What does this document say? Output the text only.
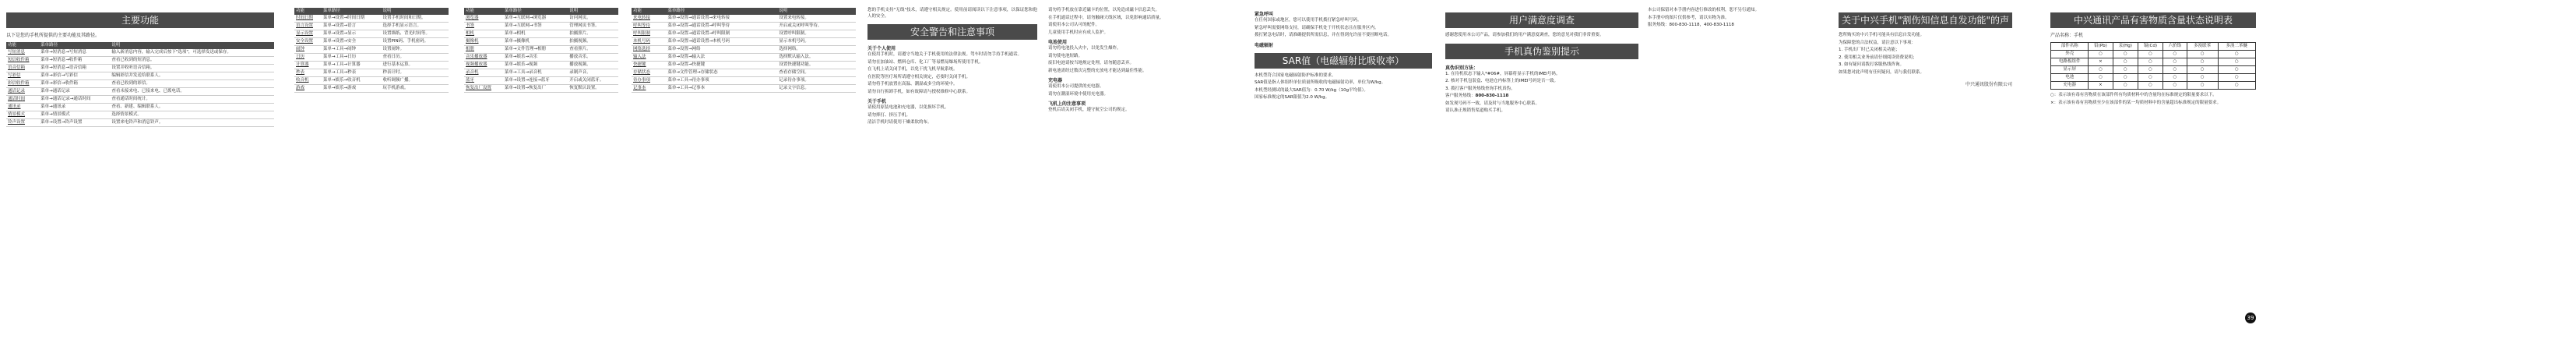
主要功能
以下是您的手机所提供的主要功能及其路径。
功能	菜单路径	说明
写短消息	菜单→短消息→写短消息	输入新消息内容，输入完成后按下"选项"，可选择发送或保存。
短信收件箱	菜单→短消息→收件箱	查看已收到的短消息。
语音信箱	菜单→短消息→语音信箱	设置并收听语音信箱。
写彩信	菜单→彩信→写彩信	编辑彩信并发送给联系人。
彩信收件箱	菜单→彩信→收件箱	查看已收到的彩信。
通话记录	菜单→通话记录	查看未接来电、已接来电、已拨电话。
通话时间	菜单→通话记录→通话时间	查看通话时间统计。
通讯录	菜单→通讯录	查看、新建、编辑联系人。
情景模式	菜单→情景模式	选择情景模式。
铃声设置	菜单→设置→铃声设置	设置来电铃声和消息铃声。
功能	菜单路径	说明
时间日期	菜单→设置→时间日期	设置手机时间和日期。
语言设置	菜单→设置→语言	选择手机显示语言。
显示设置	菜单→设置→显示	设置墙纸、背光时间等。
安全设置	菜单→设置→安全	设置PIN码、手机密码。
闹钟	菜单→工具→闹钟	设置闹钟。
日历	菜单→工具→日历	查看日历。
计算器	菜单→工具→计算器	进行基本运算。
秒表	菜单→工具→秒表	秒表计时。
收音机	菜单→娱乐→收音机	收听调频广播。
游戏	菜单→娱乐→游戏	玩手机游戏。
功能	菜单路径	说明
浏览器	菜单→互联网→浏览器	访问网页。
书签	菜单→互联网→书签	管理网页书签。
相机	菜单→相机	拍摄照片。
摄像机	菜单→摄像机	拍摄视频。
相册	菜单→文件管理→相册	查看照片。
音乐播放器	菜单→娱乐→音乐	播放音乐。
视频播放器	菜单→娱乐→视频	播放视频。
录音机	菜单→工具→录音机	录制声音。
蓝牙	菜单→设置→连接→蓝牙	开启或关闭蓝牙。
恢复出厂设置	菜单→设置→恢复出厂	恢复默认设置。
功能	菜单路径	说明
来电转接	菜单→设置→通话设置→来电转接	设置来电转接。
呼叫等待	菜单→设置→通话设置→呼叫等待	开启或关闭呼叫等待。
呼叫限制	菜单→设置→通话设置→呼叫限制	设置呼叫限制。
本机号码	菜单→设置→通话设置→本机号码	显示本机号码。
网络选择	菜单→设置→网络	选择网络。
输入法	菜单→设置→输入法	选择默认输入法。
快捷键	菜单→设置→快捷键	设置快捷键功能。
存储状态	菜单→文件管理→存储状态	查看存储空间。
待办事项	菜单→工具→待办事项	记录待办事项。
记事本	菜单→工具→记事本	记录文字信息。
您的手机支持"无线"技术，请遵守相关规定。使用前请阅读以下注意事项，以保证您和他人的安全。
安全警告和注意事项
关于个人使用

在使用手机时，请遵守当地关于手机使用的法律法规。驾车时请勿手持手机通话。

请勿在加油站、燃料仓库、化工厂等易燃易爆场所使用手机。

在飞机上请关闭手机，以免干扰飞机导航系统。

在医院等医疗场所请遵守相关规定，必要时关闭手机。

请勿将手机放置在高温、潮湿或多尘的环境中。

请勿自行拆卸手机，如有故障请与授权维修中心联系。

关于手机

请使用原装电池和充电器，以免损坏手机。

请勿摔打、挤压手机。

清洁手机时请使用干燥柔软的布。

请勿将手机放在靠近磁卡的位置，以免造成磁卡信息丢失。

在手机通话过程中，请勿触碰天线区域，以免影响通话质量。

请使用本公司认可的配件。

儿童使用手机时应有成人监护。

电池使用

请勿将电池投入火中，以免发生爆炸。

请勿使电池短路。

废旧电池请按当地规定处理，请勿随意丢弃。

新电池需经过数次完整的充放电才能达到最佳性能。

充电器

请使用本公司提供的充电器。

请勿在潮湿环境中使用充电器。

飞机上的注意事项

登机后请关闭手机，遵守航空公司的规定。

紧急呼叫

在任何国家或地区，您可以使用手机拨打紧急呼叫号码。

紧急呼叫需要网络支持，请确保手机处于开机状态且在服务区内。

拨打紧急电话时，请准确提供所需信息，并在得到允许前不要挂断电话。

电磁辐射
SAR值（电磁辐射比吸收率）

本机型符合国家电磁辐射防护标准的要求。

SAR值是指人体组织单位质量所吸收的电磁辐射功率，单位为W/kg。

本机型经测试的最大SAR值为：0.70 W/kg（10g平均值）。

国家标准规定的SAR限值为2.0 W/kg。

用户满意度调查
感谢您使用本公司产品，请参加我们的用户满意度调查，您的意见对我们非常重要。
手机真伪鉴别提示
真伪识别方法：

1. 在待机状态下输入*#06#，屏幕将显示手机的IMEI号码。

2. 核对手机包装盒、电池仓内标签上的IMEI号码是否一致。

3. 拨打客户服务热线查询手机真伪。

客户服务热线：800-830-1118

如发现号码不一致，请及时与当地服务中心联系。

请认准正规销售渠道购买手机。

本公司保留对本手册内容进行修改的权利，恕不另行通知。

本手册中的图片仅供参考，请以实物为准。

服务热线：800-830-1118，400-830-1118	关于中兴手机"割伤知信息自发功能"的声明

您所购买的中兴手机可能具有信息自发功能。

为保障您的合法权益，请注意以下事项：

1. 手机出厂时已关闭相关功能；

2. 使用相关业务前请仔细阅读资费说明；

3. 如有疑问请拨打客服热线咨询。

如果您对此声明有任何疑问，请与我们联系。

中兴通讯股份有限公司
中兴通讯产品有害物质含量状态说明表
产品名称：手机
部件名称	铅(Pb)	汞(Hg)	镉(Cd)	六价铬	多溴联苯	多溴二苯醚
外壳	○	○	○	○	○	○
电路板组件	×	○	○	○	○	○
显示屏	○	○	○	○	○	○
电池	○	○	○	○	○	○
充电器	×	○	○	○	○	○

○：表示该有毒有害物质在该部件所有均质材料中的含量均在标准规定的限量要求以下。

×：表示该有毒有害物质至少在该部件的某一均质材料中的含量超出标准规定的限量要求。

39
